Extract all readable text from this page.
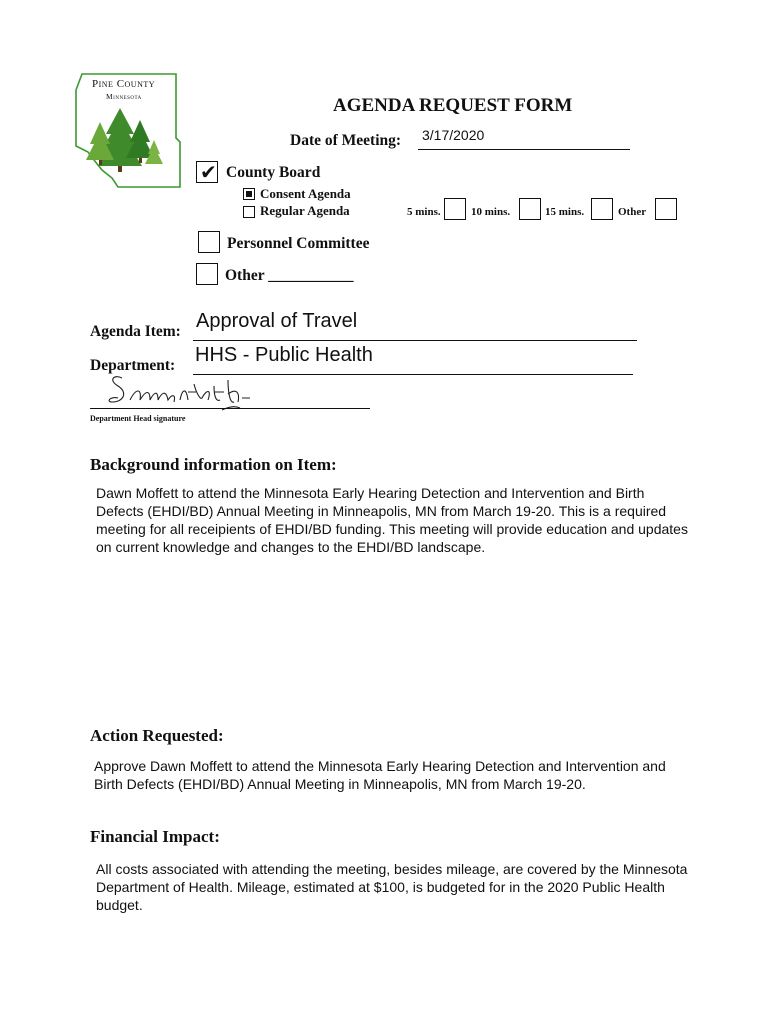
Pine County
Minnesota	AGENDA REQUEST FORM
Date of Meeting: 3/17/2020
✔ County Board
Consent Agenda
Regular Agenda	5 mins.	10 mins.	15 mins.	Other
Personnel Committee
Other ___________
Agenda Item: Approval of Travel
Department: HHS - Public Health
Department Head signature
Background information on Item:
Dawn Moffett to attend the Minnesota Early Hearing Detection and Intervention and Birth
Defects (EHDI/BD) Annual Meeting in Minneapolis, MN from March 19-20. This is a required
meeting for all receipients of EHDI/BD funding. This meeting will provide education and updates
on current knowledge and changes to the EHDI/BD landscape.
Action Requested:
Approve Dawn Moffett to attend the Minnesota Early Hearing Detection and Intervention and
Birth Defects (EHDI/BD) Annual Meeting in Minneapolis, MN from March 19-20.
Financial Impact:
All costs associated with attending the meeting, besides mileage, are covered by the Minnesota
Department of Health. Mileage, estimated at $100, is budgeted for in the 2020 Public Health
budget.
